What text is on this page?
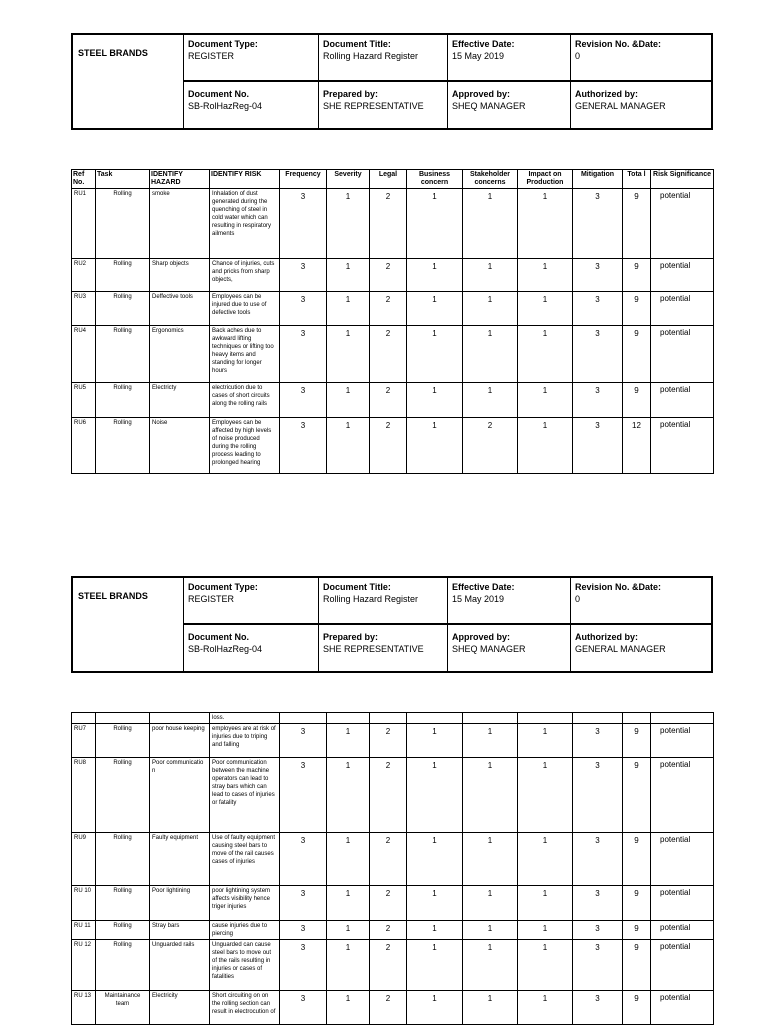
STEEL BRANDS
Document Type:
REGISTER
Document Title:
Rolling Hazard Register
Effective Date:
15 May 2019
Revision No. &Date:
0
Document No.
SB-RolHazReg-04
Prepared by:
SHE REPRESENTATIVE
Approved by:
SHEQ MANAGER
Authorized by:
GENERAL MANAGER
Ref No.	Task	IDENTIFY HAZARD	IDENTIFY RISK	Frequency	Severity	Legal	Business concern	Stakeholder concerns	Impact on Production	Mitigation	Tota l	Risk Significance
RU1	Rolling	smoke	Inhalation of dust generated during the quenching of steel in cold water which can resulting in respiratory ailments	3	1	2	1	1	1	3	9	potential
RU2	Rolling	Sharp objects	Chance of injuries, cuts and pricks from sharp objects,	3	1	2	1	1	1	3	9	potential
RU3	Rolling	Deffective tools	Employees can be injured due to use of defective tools	3	1	2	1	1	1	3	9	potential
RU4	Rolling	Ergonomics	Back aches due to awkward lifting techniques or lifting too heavy items and standing for longer hours	3	1	2	1	1	1	3	9	potential
RU5	Rolling	Electricty	electricution due to cases of short circuits along the rolling rails	3	1	2	1	1	1	3	9	potential
RU6	Rolling	Noise	Employees can be affected by high levels of noise produced during the rolling process leading to prolonged hearing	3	1	2	1	2	1	3	12	potential
STEEL BRANDS
Document Type:
REGISTER
Document Title:
Rolling Hazard Register
Effective Date:
15 May 2019
Revision No. &Date:
0
Document No.
SB-RolHazReg-04
Prepared by:
SHE REPRESENTATIVE
Approved by:
SHEQ MANAGER
Authorized by:
GENERAL MANAGER
			loss.									
RU7	Rolling	poor house keeping	employees are at risk of injuries due to triping and falling	3	1	2	1	1	1	3	9	potential
RU8	Rolling	Poor communicatio n	Poor communication between the machine operators can lead to stray bars which can lead to cases of injuries or fatality	3	1	2	1	1	1	3	9	potential
RU9	Rolling	Faulty equipment	Use of faulty equipment causing steel bars to move of the rail causes cases of injuries	3	1	2	1	1	1	3	9	potential
RU 10	Rolling	Poor lightining	poor lightining system affects visibility hence triger injuries	3	1	2	1	1	1	3	9	potential
RU 11	Rolling	Stray bars	cause injuries due to piercing	3	1	2	1	1	1	3	9	potential
RU 12	Rolling	Unguarded rails	Unguarded can cause steel bars to move out of the rails resulting in injuries or cases of fatalities	3	1	2	1	1	1	3	9	potential
RU 13	Maintainance team	Electricity	Short circuiting on on the rolling section can result in electrocution of	3	1	2	1	1	1	3	9	potential
